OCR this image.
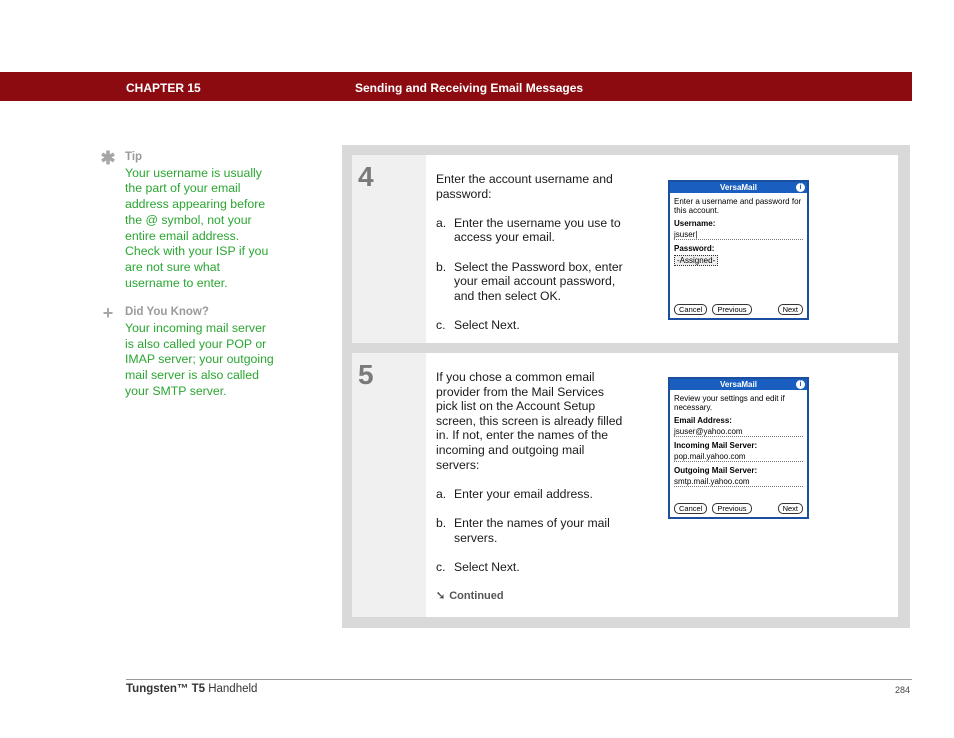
CHAPTER 15	Sending and Receiving Email Messages
✱ Tip
Your username is usually the part of your email address appearing before the @ symbol, not your entire email address. Check with your ISP if you are not sure what username to enter.
+ Did You Know?
Your incoming mail server is also called your POP or IMAP server; your outgoing mail server is also called your SMTP server.
4	Enter the account username and password:

a. Enter the username you use to access your email.

b. Select the Password box, enter your email account password, and then select OK.

c. Select Next.

VersaMail	i
Enter a username and password for this account.
Username:
jsuser|
Password:
-Assigned-
Cancel	Previous	Next
5	If you chose a common email provider from the Mail Services pick list on the Account Setup screen, this screen is already filled in. If not, enter the names of the incoming and outgoing mail servers:

a. Enter your email address.

b. Enter the names of your mail servers.

c. Select Next.

➘ Continued
VersaMail	i
Review your settings and edit if necessary.
Email Address:
jsuser@yahoo.com
Incoming Mail Server:
pop.mail.yahoo.com
Outgoing Mail Server:
smtp.mail.yahoo.com
Cancel	Previous	Next
Tungsten™ T5 Handheld	284
